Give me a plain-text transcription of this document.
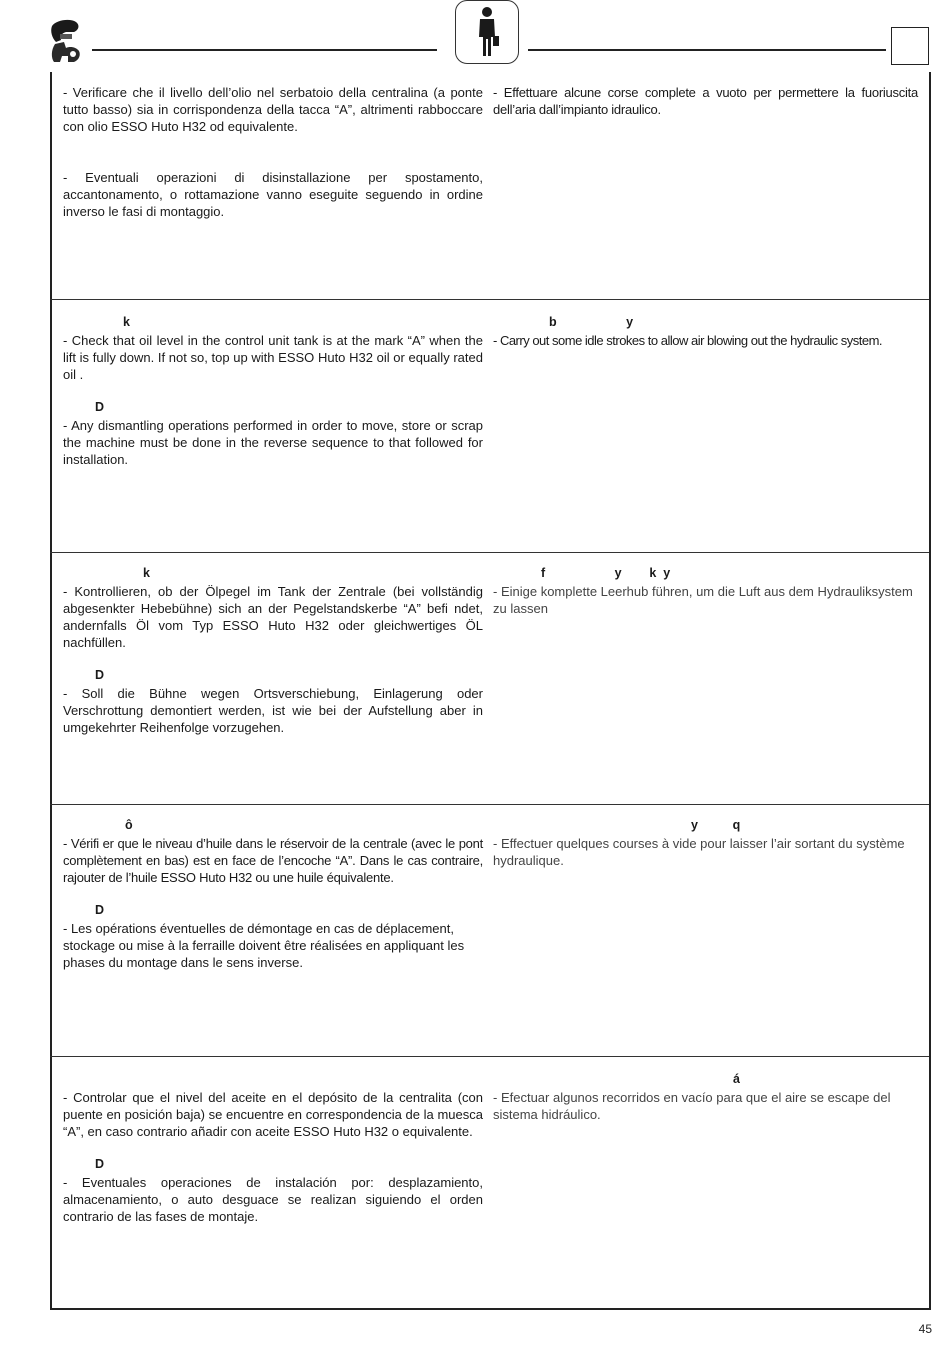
- Verificare che il livello dell’olio nel serbatoio della centralina (a ponte tutto basso) sia in corrispondenza della tacca “A”, altrimenti rabboccare con olio ESSO Huto H32 od equivalente.

- Eventuali operazioni di disinstallazione per spostamento, accantonamento, o rottamazione vanno eseguite seguendo in ordine inverso le fasi di montaggio.

- Effettuare alcune corse complete a vuoto per permettere la fuoriuscita dell’aria dall’impianto idraulico.

k

- Check that oil level in the control unit tank is at the mark “A” when the lift is fully down. If not so, top up with ESSO Huto H32 oil or equally rated oil .

D

- Any dismantling operations performed in order to move, store or scrap the machine must be done in the reverse sequence to that followed for installation.

b                    y

- Carry out some idle strokes to allow air blowing out the hydraulic system.

k

- Kontrollieren, ob der Ölpegel im Tank der Zentrale (bei vollständig abgesenkter Hebebühne) sich an der Pegelstandskerbe “A” befi ndet, andernfalls Öl vom Typ ESSO Huto H32 oder gleichwertiges ÖL nachfüllen.

D

- Soll die Bühne wegen Ortsverschiebung, Einlagerung oder Verschrottung demontiert werden, ist wie bei der Aufstellung aber in umgekehrter Reihenfolge vorzugehen.

f                    y        k  y

- Einige komplette Leerhub führen, um die Luft aus dem Hydrauliksystem zu lassen

ô

- Vérifi er que le niveau d’huile dans le réservoir de la centrale (avec le pont complètement en bas) est en face de l’encoche “A”. Dans le cas contraire, rajouter de l’huile ESSO Huto H32 ou une huile équivalente.

D

- Les opérations éventuelles de démontage en cas de déplacement, stockage ou mise à la ferraille doivent être réalisées en appliquant les phases du montage dans le sens inverse.

y          q

- Effectuer quelques courses à vide pour laisser l’air sortant du système hydraulique.

- Controlar que el nivel del aceite en el depósito de la centralita (con puente en posición baja) se encuentre en correspondencia de la muesca “A”, en caso contrario añadir con aceite ESSO Huto H32 o equivalente.

D

- Eventuales operaciones de instalación por: desplazamiento, almacenamiento, o auto desguace se realizan siguiendo el orden contrario de las fases de montaje.

á

- Efectuar algunos recorridos en vacío para que el aire se escape del sistema hidráulico.

45
